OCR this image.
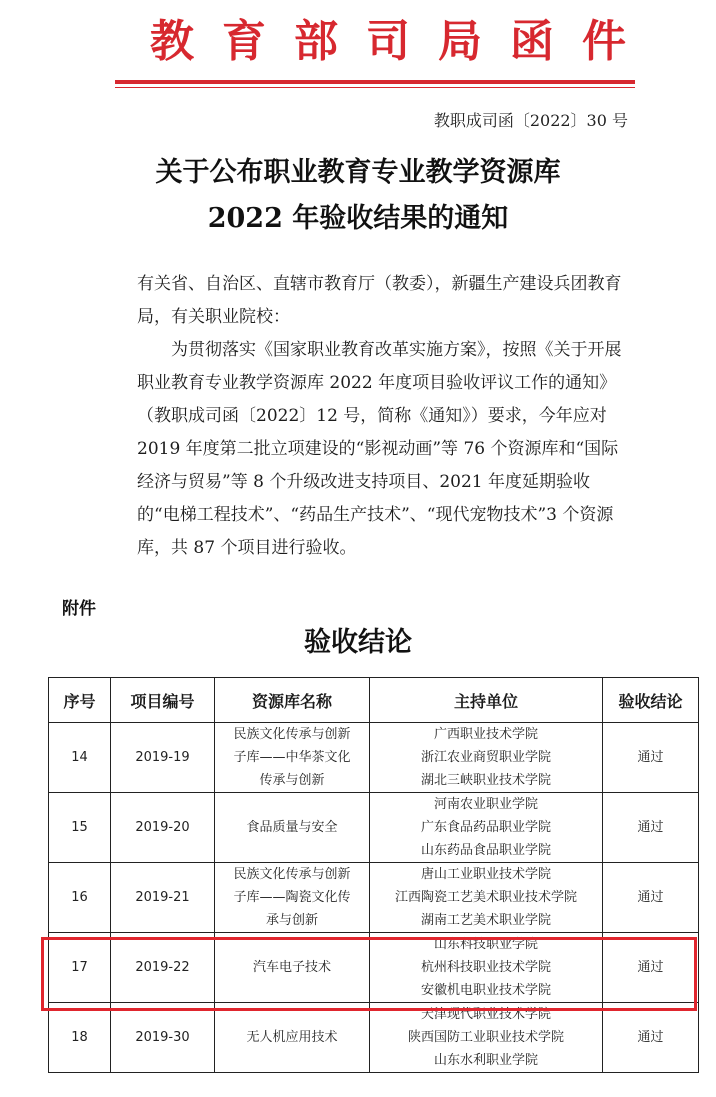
教育部司局函件
教职成司函〔2022〕30 号
关于公布职业教育专业教学资源库
2022 年验收结果的通知

有关省、自治区、直辖市教育厅（教委），新疆生产建设兵团教育局，有关职业院校：

为贯彻落实《国家职业教育改革实施方案》，按照《关于开展职业教育专业教学资源库 2022 年度项目验收评议工作的通知》（教职成司函〔2022〕12 号，简称《通知》）要求，今年应对 2019 年度第二批立项建设的“影视动画”等 76 个资源库和“国际经济与贸易”等 8 个升级改进支持项目、2021 年度延期验收的“电梯工程技术”、“药品生产技术”、“现代宠物技术”3 个资源库，共 87 个项目进行验收。

附件
验收结论
序号	项目编号	资源库名称	主持单位	验收结论
14	2019-19	民族文化传承与创新
子库——中华茶文化
传承与创新	广西职业技术学院
浙江农业商贸职业学院
湖北三峡职业技术学院	通过
15	2019-20	食品质量与安全	河南农业职业学院
广东食品药品职业学院
山东药品食品职业学院	通过
16	2019-21	民族文化传承与创新
子库——陶瓷文化传
承与创新	唐山工业职业技术学院
江西陶瓷工艺美术职业技术学院
湖南工艺美术职业学院	通过
17	2019-22	汽车电子技术	山东科技职业学院
杭州科技职业技术学院
安徽机电职业技术学院	通过
18	2019-30	无人机应用技术	天津现代职业技术学院
陕西国防工业职业技术学院
山东水利职业学院	通过
